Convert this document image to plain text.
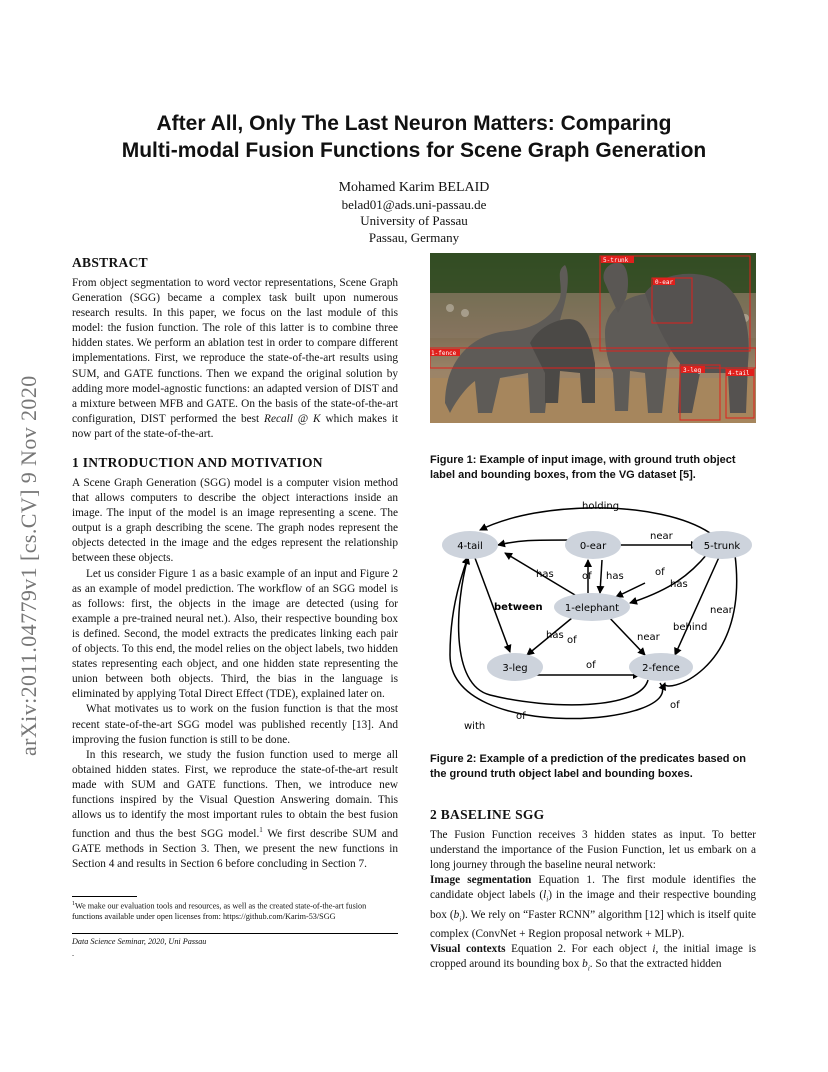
After All, Only The Last Neuron Matters: Comparing
Multi-modal Fusion Functions for Scene Graph Generation
Mohamed Karim BELAID
belad01@ads.uni-passau.de
University of Passau
Passau, Germany
arXiv:2011.04779v1 [cs.CV] 9 Nov 2020
ABSTRACT

From object segmentation to word vector representations, Scene Graph Generation (SGG) became a complex task built upon numerous research results. In this paper, we focus on the last module of this model: the fusion function. The role of this latter is to combine three hidden states. We perform an ablation test in order to compare different implementations. First, we reproduce the state-of-the-art results using SUM, and GATE functions. Then we expand the original solution by adding more model-agnostic functions: an adapted version of DIST and a mixture between MFB and GATE. On the basis of the state-of-the-art configuration, DIST performed the best Recall @ K which makes it now part of the state-of-the-art.

1 INTRODUCTION AND MOTIVATION

A Scene Graph Generation (SGG) model is a computer vision method that allows computers to describe the object interactions inside an image. The input of the model is an image representing a scene. The output is a graph describing the scene. The graph nodes represent the objects detected in the image and the edges represent the relationship between these objects.

Let us consider Figure 1 as a basic example of an input and Figure 2 as an example of model prediction. The workflow of an SGG model is as follows: first, the objects in the image are detected (using for example a pre-trained neural net.). Also, their respective bounding box is defined. Second, the model extracts the predicates linking each pair of objects. To this end, the model relies on the object labels, two hidden states representing each object, and one hidden state representing the union between both objects. Third, the bias in the language is eliminated by applying Total Direct Effect (TDE), explained later on.

What motivates us to work on the fusion function is that the most recent state-of-the-art SGG model was published recently [13]. And improving the fusion function is still to be done.

In this research, we study the fusion function used to merge all obtained hidden states. First, we reproduce the state-of-the-art result made with SUM and GATE functions. Then, we introduce new functions inspired by the Visual Question Answering domain. This allows us to identify the most important rules to obtain the best fusion function and thus the best SGG model.$^1$ We first describe SUM and GATE methods in Section 3. Then, we present the new functions in Section 4 and results in Section 6 before concluding in Section 7.

$^1$We make our evaluation tools and resources, as well as the created state-of-the-art fusion functions available under open licenses from: https://github.com/Karim-53/SGG
Data Science Seminar, 2020, Uni Passau
.
5-trunk
0-ear
1-fence
3-leg	4-tail
Figure 1: Example of input image, with ground truth object label and bounding boxes, from the VG dataset [5].
4-tail	0-ear	5-trunk
1-elephant
3-leg	2-fence
holding
near
has	of has	of
has
between	near
behind
has of	near
of
of
of
with
Figure 2: Example of a prediction of the predicates based on the ground truth object label and bounding boxes.
2 BASELINE SGG

The Fusion Function receives 3 hidden states as input. To better understand the importance of the Fusion Function, let us embark on a long journey through the baseline neural network:

Image segmentation Equation 1. The first module identifies the candidate object labels $(l_i)$ in the image and their respective bounding box $(b_i)$. We rely on “Faster RCNN” algorithm [12] which is itself quite complex (ConvNet + Region proposal network + MLP).

Visual contexts Equation 2. For each object i, the initial image is cropped around its bounding box $b_i$. So that the extracted hidden
